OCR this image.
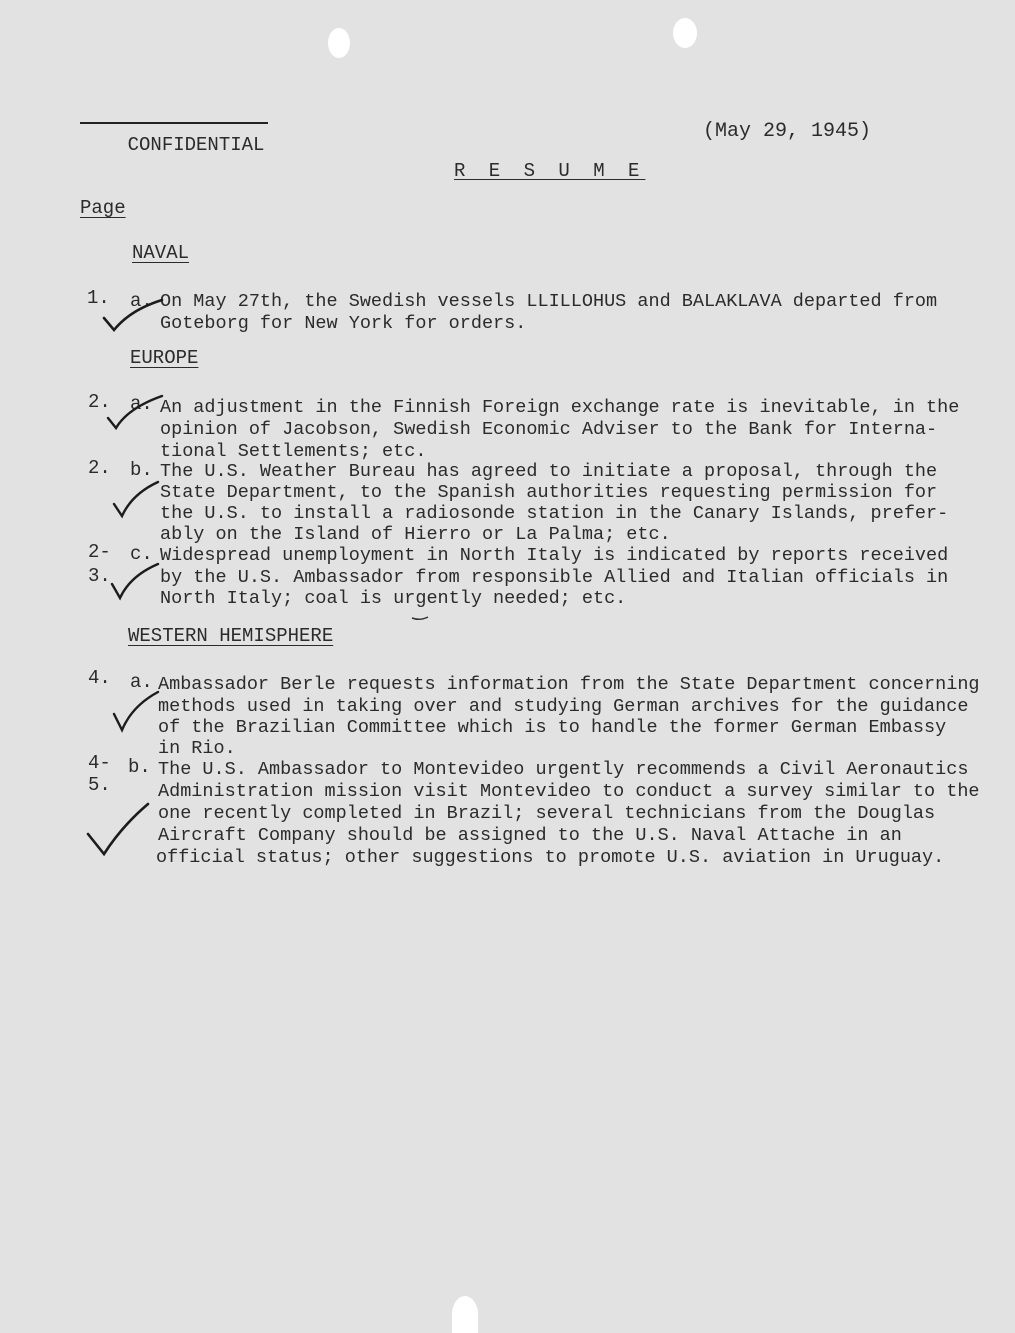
CONFIDENTIAL

(May 29, 1945)
R E S U M E
Page
NAVAL
1. a. On May 27th, the Swedish vessels LLILLOHUS and BALAKLAVA departed from
Goteborg for New York for orders.
EUROPE
2. a. An adjustment in the Finnish Foreign exchange rate is inevitable, in the
opinion of Jacobson, Swedish Economic Adviser to the Bank for Interna-
tional Settlements; etc.
2. b. The U.S. Weather Bureau has agreed to initiate a proposal, through the
State Department, to the Spanish authorities requesting permission for
the U.S. to install a radiosonde station in the Canary Islands, prefer-
ably on the Island of Hierro or La Palma; etc.
2-
3.
c. Widespread unemployment in North Italy is indicated by reports received
by the U.S. Ambassador from responsible Allied and Italian officials in
North Italy; coal is urgently needed; etc.
WESTERN HEMISPHERE
4. a. Ambassador Berle requests information from the State Department concerning
methods used in taking over and studying German archives for the guidance
of the Brazilian Committee which is to handle the former German Embassy
in Rio.
4-
5.
b. The U.S. Ambassador to Montevideo urgently recommends a Civil Aeronautics
Administration mission visit Montevideo to conduct a survey similar to the
one recently completed in Brazil; several technicians from the Douglas
Aircraft Company should be assigned to the U.S. Naval Attache in an
official status; other suggestions to promote U.S. aviation in Uruguay.
